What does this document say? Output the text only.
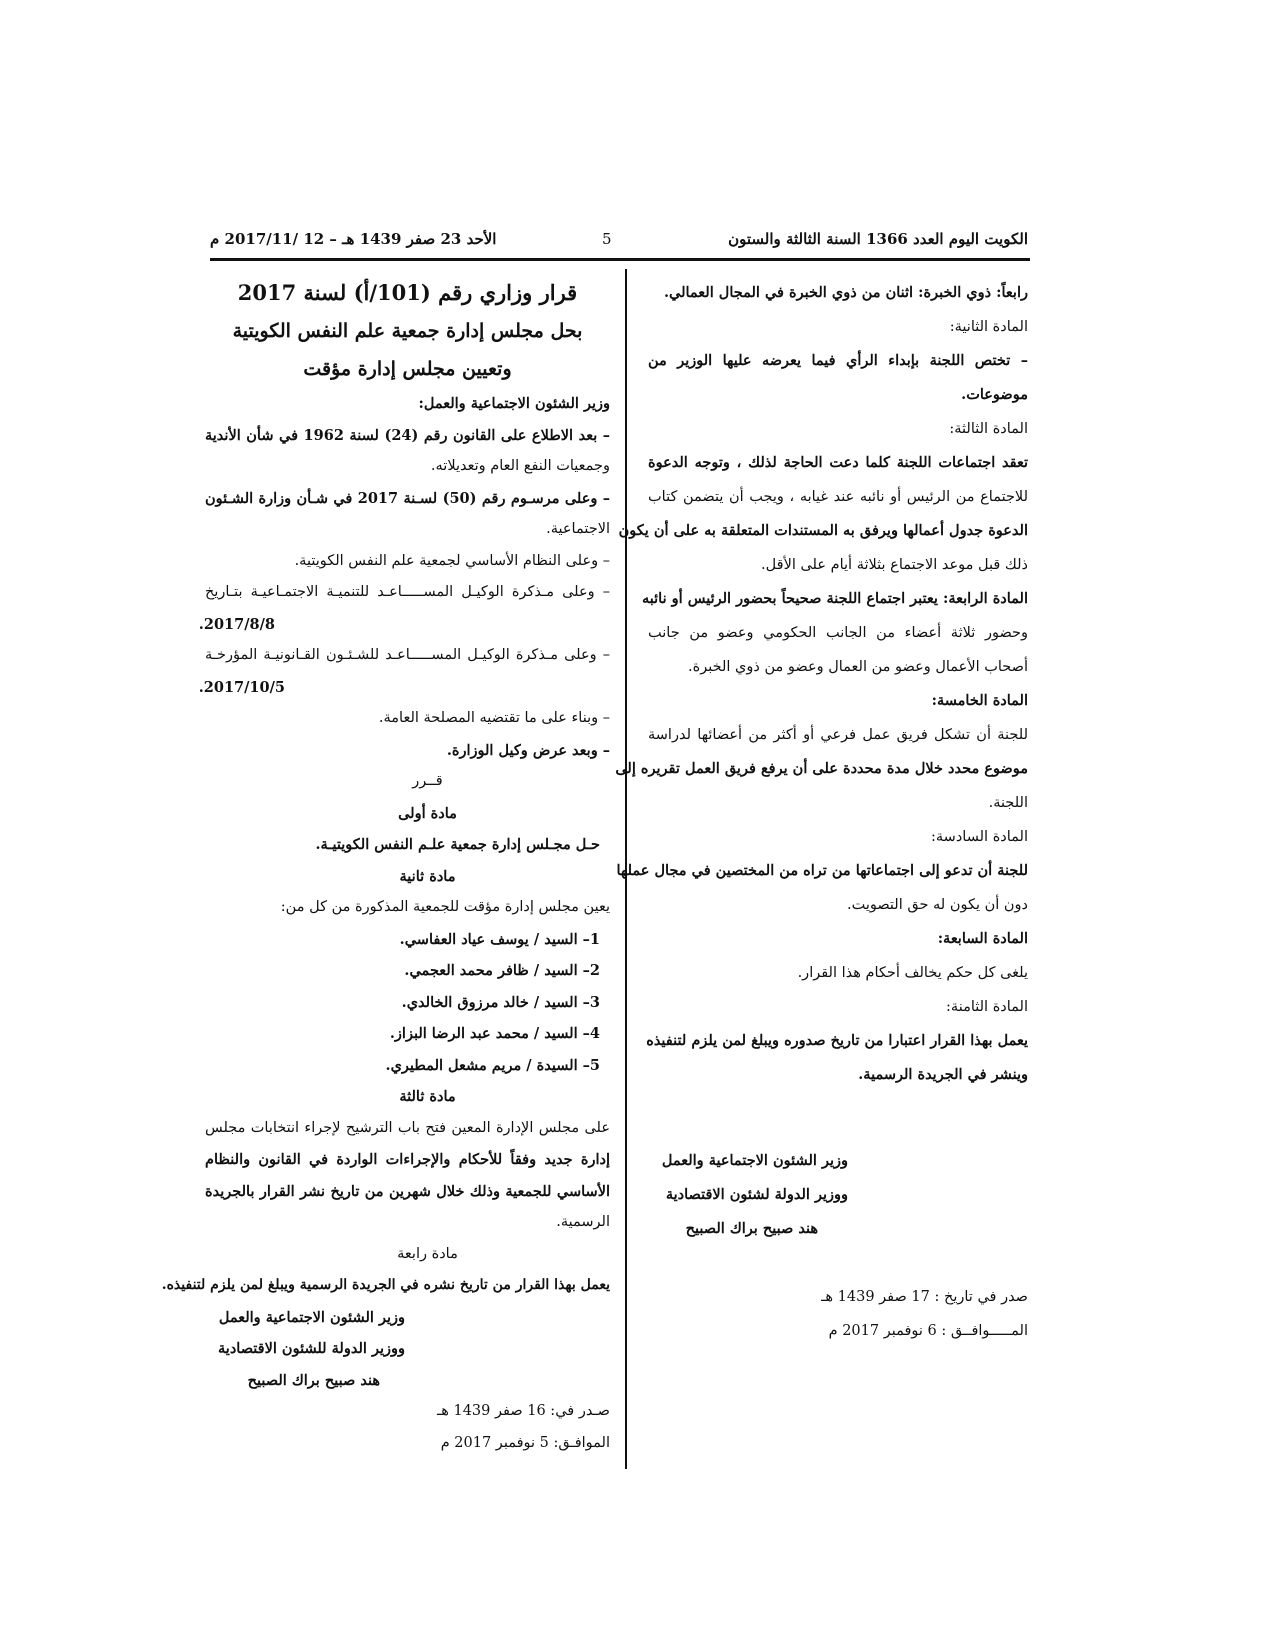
الكويت اليوم العدد 1366 السنة الثالثة والستون
5
الأحد 23 صفر 1439 هـ – 12 /2017/11 م
رابعاً: ذوي الخبرة: اثنان من ذوي الخبرة في المجال العمالي.
المادة الثانية:
– تختص اللجنة بإبداء الرأي فيما يعرضه عليها الوزير من
موضوعات.
المادة الثالثة:
تعقد اجتماعات اللجنة كلما دعت الحاجة لذلك ، وتوجه الدعوة
للاجتماع من الرئيس أو نائبه عند غيابه ، ويجب أن يتضمن كتاب
الدعوة جدول أعمالها ويرفق به المستندات المتعلقة به على أن يكون
ذلك قبل موعد الاجتماع بثلاثة أيام على الأقل.
المادة الرابعة: يعتبر اجتماع اللجنة صحيحاً بحضور الرئيس أو نائبه
وحضور ثلاثة أعضاء من الجانب الحكومي وعضو من جانب
أصحاب الأعمال وعضو من العمال وعضو من ذوي الخبرة.
المادة الخامسة:
للجنة أن تشكل فريق عمل فرعي أو أكثر من أعضائها لدراسة
موضوع محدد خلال مدة محددة على أن يرفع فريق العمل تقريره إلى
اللجنة.
المادة السادسة:
للجنة أن تدعو إلى اجتماعاتها من تراه من المختصين في مجال عملها
دون أن يكون له حق التصويت.
المادة السابعة:
يلغى كل حكم يخالف أحكام هذا القرار.
المادة الثامنة:
يعمل بهذا القرار اعتبارا من تاريخ صدوره ويبلغ لمن يلزم لتنفيذه
وينشر في الجريدة الرسمية.
وزير الشئون الاجتماعية والعمل
ووزير الدولة لشئون الاقتصادية
هند صبيح براك الصبيح
صدر في تاريخ : 17 صفر 1439 هـ
المـــــوافــق : 6 نوفمبر 2017 م
قرار وزاري رقم (101/أ) لسنة 2017
بحل مجلس إدارة جمعية علم النفس الكويتية
وتعيين مجلس إدارة مؤقت
وزير الشئون الاجتماعية والعمل:
– بعد الاطلاع على القانون رقم (24) لسنة 1962 في شأن الأندية
وجمعيات النفع العام وتعديلاته.
– وعلى مرسـوم رقم (50) لسـنة 2017 في شـأن وزارة الشـئون
الاجتماعية.
– وعلى النظام الأساسي لجمعية علم النفس الكويتية.
– وعلى مـذكرة الوكيـل المســـــاعـد للتنميـة الاجتمـاعيـة بتـاريخ
2017/8/8.
– وعلى مـذكرة الوكيـل المســـــاعـد للشـئـون القـانونيـة المؤرخـة
2017/10/5.
– وبناء على ما تقتضيه المصلحة العامة.
– وبعد عرض وكيل الوزارة.
قــرر
مادة أولى
حـل مجـلس إدارة جمعية علـم النفس الكويتيـة.
مادة ثانية
يعين مجلس إدارة مؤقت للجمعية المذكورة من كل من:
1– السيد / يوسف عياد العفاسي.
2– السيد / ظافر محمد العجمي.
3– السيد / خالد مرزوق الخالدي.
4– السيد / محمد عبد الرضا البزاز.
5– السيدة / مريم مشعل المطيري.
مادة ثالثة
على مجلس الإدارة المعين فتح باب الترشيح لإجراء انتخابات مجلس
إدارة جديد وفقاً للأحكام والإجراءات الواردة في القانون والنظام
الأساسي للجمعية وذلك خلال شهرين من تاريخ نشر القرار بالجريدة
الرسمية.
مادة رابعة
يعمل بهذا القرار من تاريخ نشره في الجريدة الرسمية ويبلغ لمن يلزم لتنفيذه.
وزير الشئون الاجتماعية والعمل
ووزير الدولة للشئون الاقتصادية
هند صبيح براك الصبيح
صـدر في: 16 صفر 1439 هـ
الموافـق: 5 نوفمبر 2017 م
